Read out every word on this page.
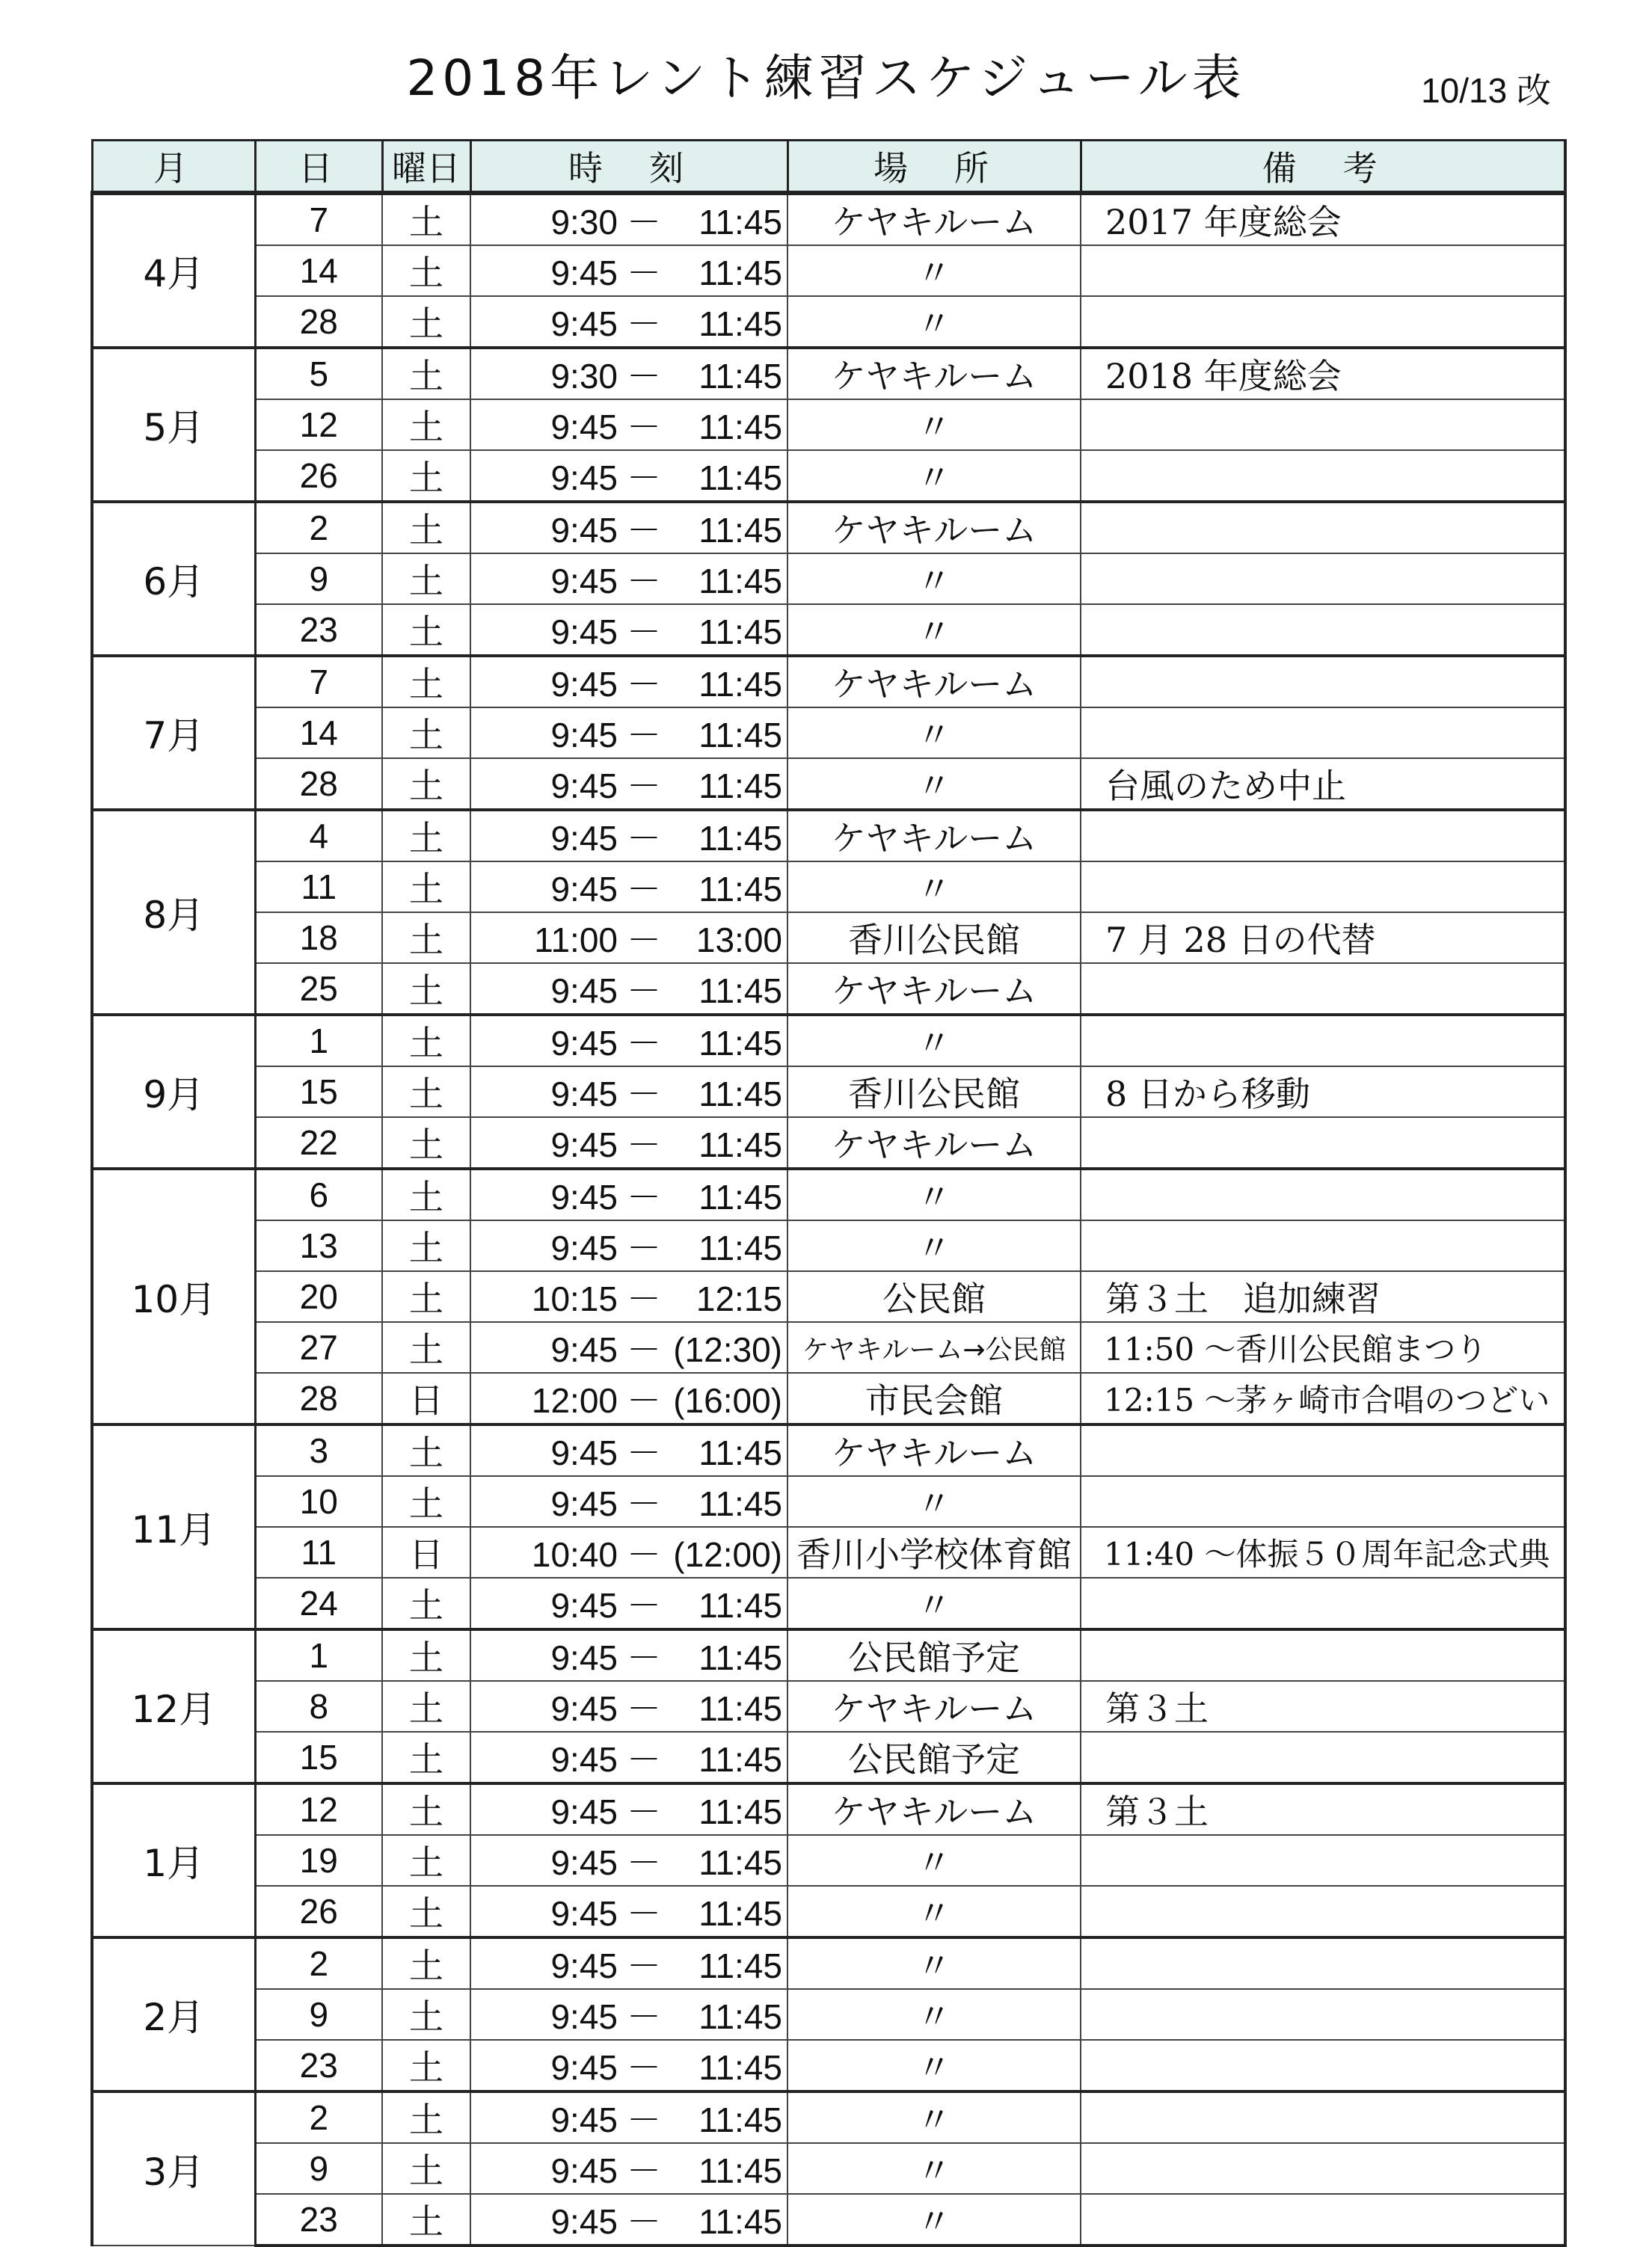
2018年レント練習スケジュール表	10/13 改
月	日	曜日	時　刻	場　所	備　考
4月	7	土	9:30 － 11:45	ケヤキルーム	2017 年度総会
	14	土	9:45 － 11:45	〃	
	28	土	9:45 － 11:45	〃	
5月	5	土	9:30 － 11:45	ケヤキルーム	2018 年度総会
	12	土	9:45 － 11:45	〃	
	26	土	9:45 － 11:45	〃	
6月	2	土	9:45 － 11:45	ケヤキルーム	
	9	土	9:45 － 11:45	〃	
	23	土	9:45 － 11:45	〃	
7月	7	土	9:45 － 11:45	ケヤキルーム	
	14	土	9:45 － 11:45	〃	
	28	土	9:45 － 11:45	〃	台風のため中止
8月	4	土	9:45 － 11:45	ケヤキルーム	
	11	土	9:45 － 11:45	〃	
	18	土	11:00 － 13:00	香川公民館	7 月 28 日の代替
	25	土	9:45 － 11:45	ケヤキルーム	
9月	1	土	9:45 － 11:45	〃	
	15	土	9:45 － 11:45	香川公民館	8 日から移動
	22	土	9:45 － 11:45	ケヤキルーム	
10月	6	土	9:45 － 11:45	〃	
	13	土	9:45 － 11:45	〃	
	20	土	10:15 － 12:15	公民館	第３土　追加練習
	27	土	9:45 － (12:30)	ケヤキルーム→公民館	11:50 ～香川公民館まつり
	28	日	12:00 － (16:00)	市民会館	12:15 ～茅ヶ崎市合唱のつどい
11月	3	土	9:45 － 11:45	ケヤキルーム	
	10	土	9:45 － 11:45	〃	
	11	日	10:40 － (12:00)	香川小学校体育館	11:40 ～体振５０周年記念式典
	24	土	9:45 － 11:45	〃	
12月	1	土	9:45 － 11:45	公民館予定	
	8	土	9:45 － 11:45	ケヤキルーム	第３土
	15	土	9:45 － 11:45	公民館予定	
1月	12	土	9:45 － 11:45	ケヤキルーム	第３土
	19	土	9:45 － 11:45	〃	
	26	土	9:45 － 11:45	〃	
2月	2	土	9:45 － 11:45	〃	
	9	土	9:45 － 11:45	〃	
	23	土	9:45 － 11:45	〃	
3月	2	土	9:45 － 11:45	〃	
	9	土	9:45 － 11:45	〃	
	23	土	9:45 － 11:45	〃	
